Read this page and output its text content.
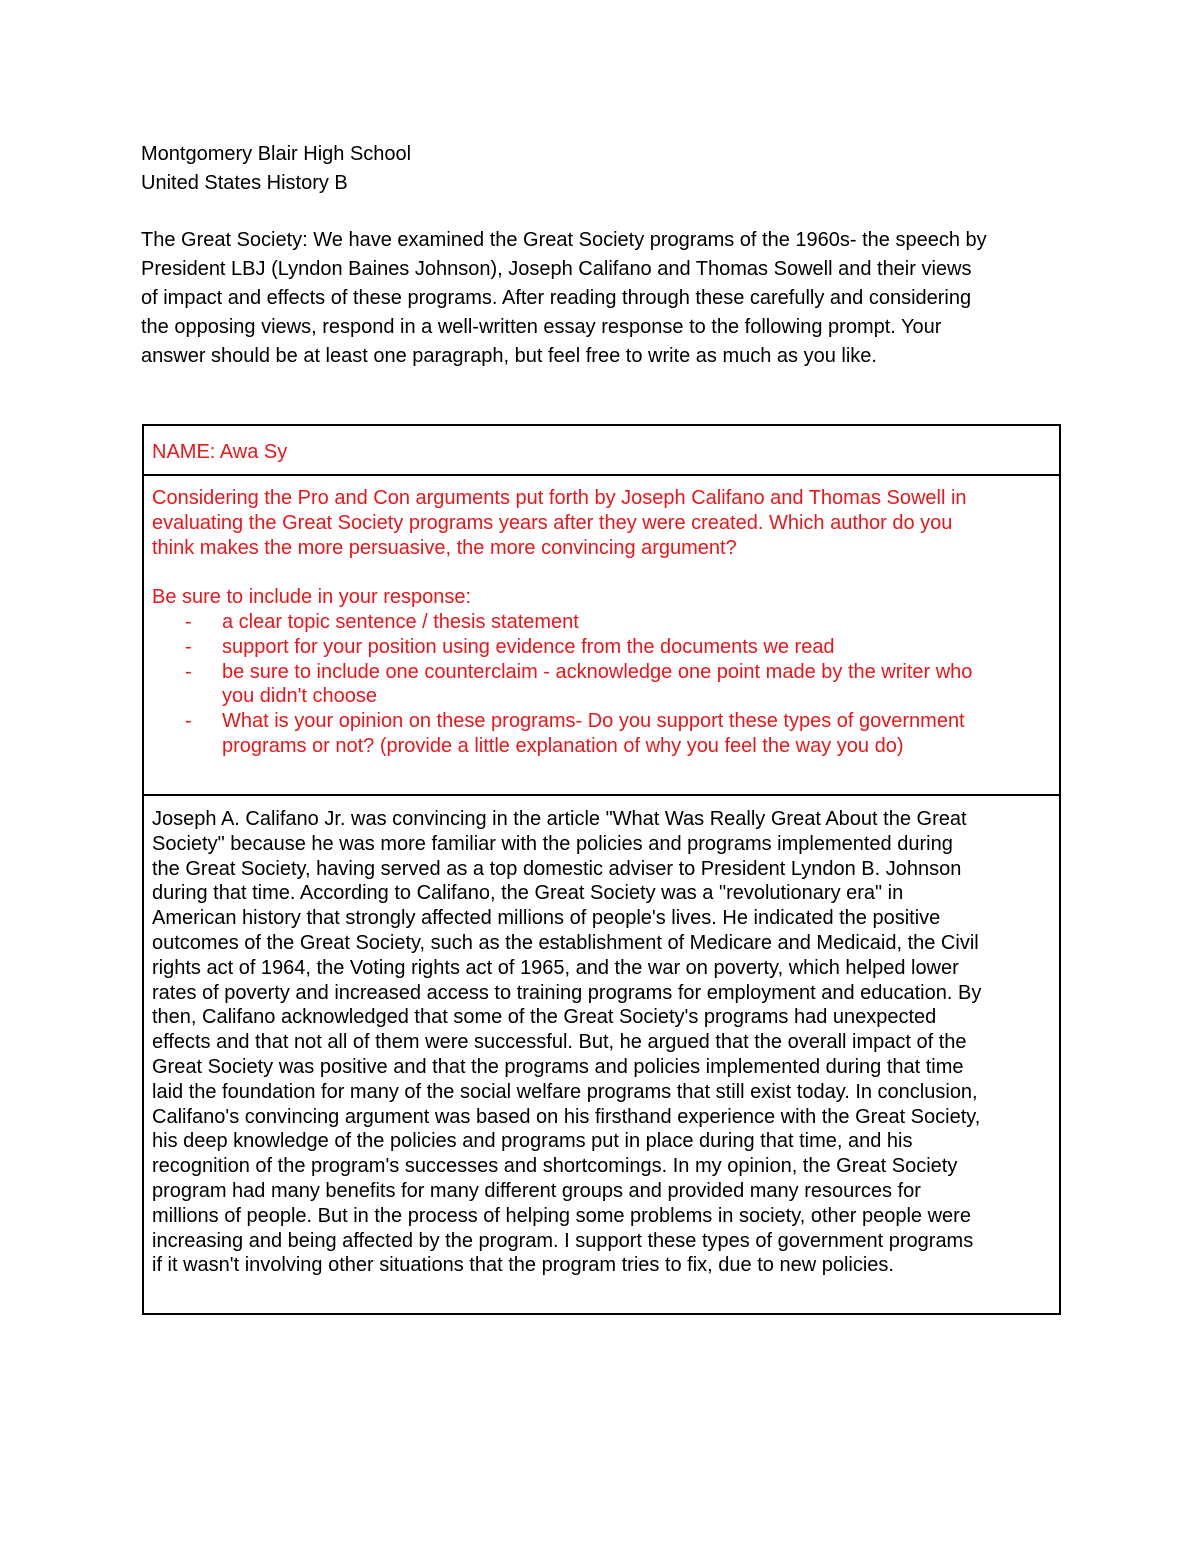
Montgomery Blair High School
United States History B
The Great Society: We have examined the Great Society programs of the 1960s- the speech by
President LBJ (Lyndon Baines Johnson), Joseph Califano and Thomas Sowell and their views
of impact and effects of these programs. After reading through these carefully and considering
the opposing views, respond in a well-written essay response to the following prompt. Your
answer should be at least one paragraph, but feel free to write as much as you like.
NAME: Awa Sy
Considering the Pro and Con arguments put forth by Joseph Califano and Thomas Sowell in
evaluating the Great Society programs years after they were created. Which author do you
think makes the more persuasive, the more convincing argument?
Be sure to include in your response:
- a clear topic sentence / thesis statement
- support for your position using evidence from the documents we read
- be sure to include one counterclaim - acknowledge one point made by the writer who
you didn't choose
- What is your opinion on these programs- Do you support these types of government
programs or not? (provide a little explanation of why you feel the way you do)
Joseph A. Califano Jr. was convincing in the article "What Was Really Great About the Great
Society" because he was more familiar with the policies and programs implemented during
the Great Society, having served as a top domestic adviser to President Lyndon B. Johnson
during that time. According to Califano, the Great Society was a "revolutionary era" in
American history that strongly affected millions of people's lives. He indicated the positive
outcomes of the Great Society, such as the establishment of Medicare and Medicaid, the Civil
rights act of 1964, the Voting rights act of 1965, and the war on poverty, which helped lower
rates of poverty and increased access to training programs for employment and education. By
then, Califano acknowledged that some of the Great Society's programs had unexpected
effects and that not all of them were successful. But, he argued that the overall impact of the
Great Society was positive and that the programs and policies implemented during that time
laid the foundation for many of the social welfare programs that still exist today. In conclusion,
Califano's convincing argument was based on his firsthand experience with the Great Society,
his deep knowledge of the policies and programs put in place during that time, and his
recognition of the program's successes and shortcomings. In my opinion, the Great Society
program had many benefits for many different groups and provided many resources for
millions of people. But in the process of helping some problems in society, other people were
increasing and being affected by the program. I support these types of government programs
if it wasn't involving other situations that the program tries to fix, due to new policies.
